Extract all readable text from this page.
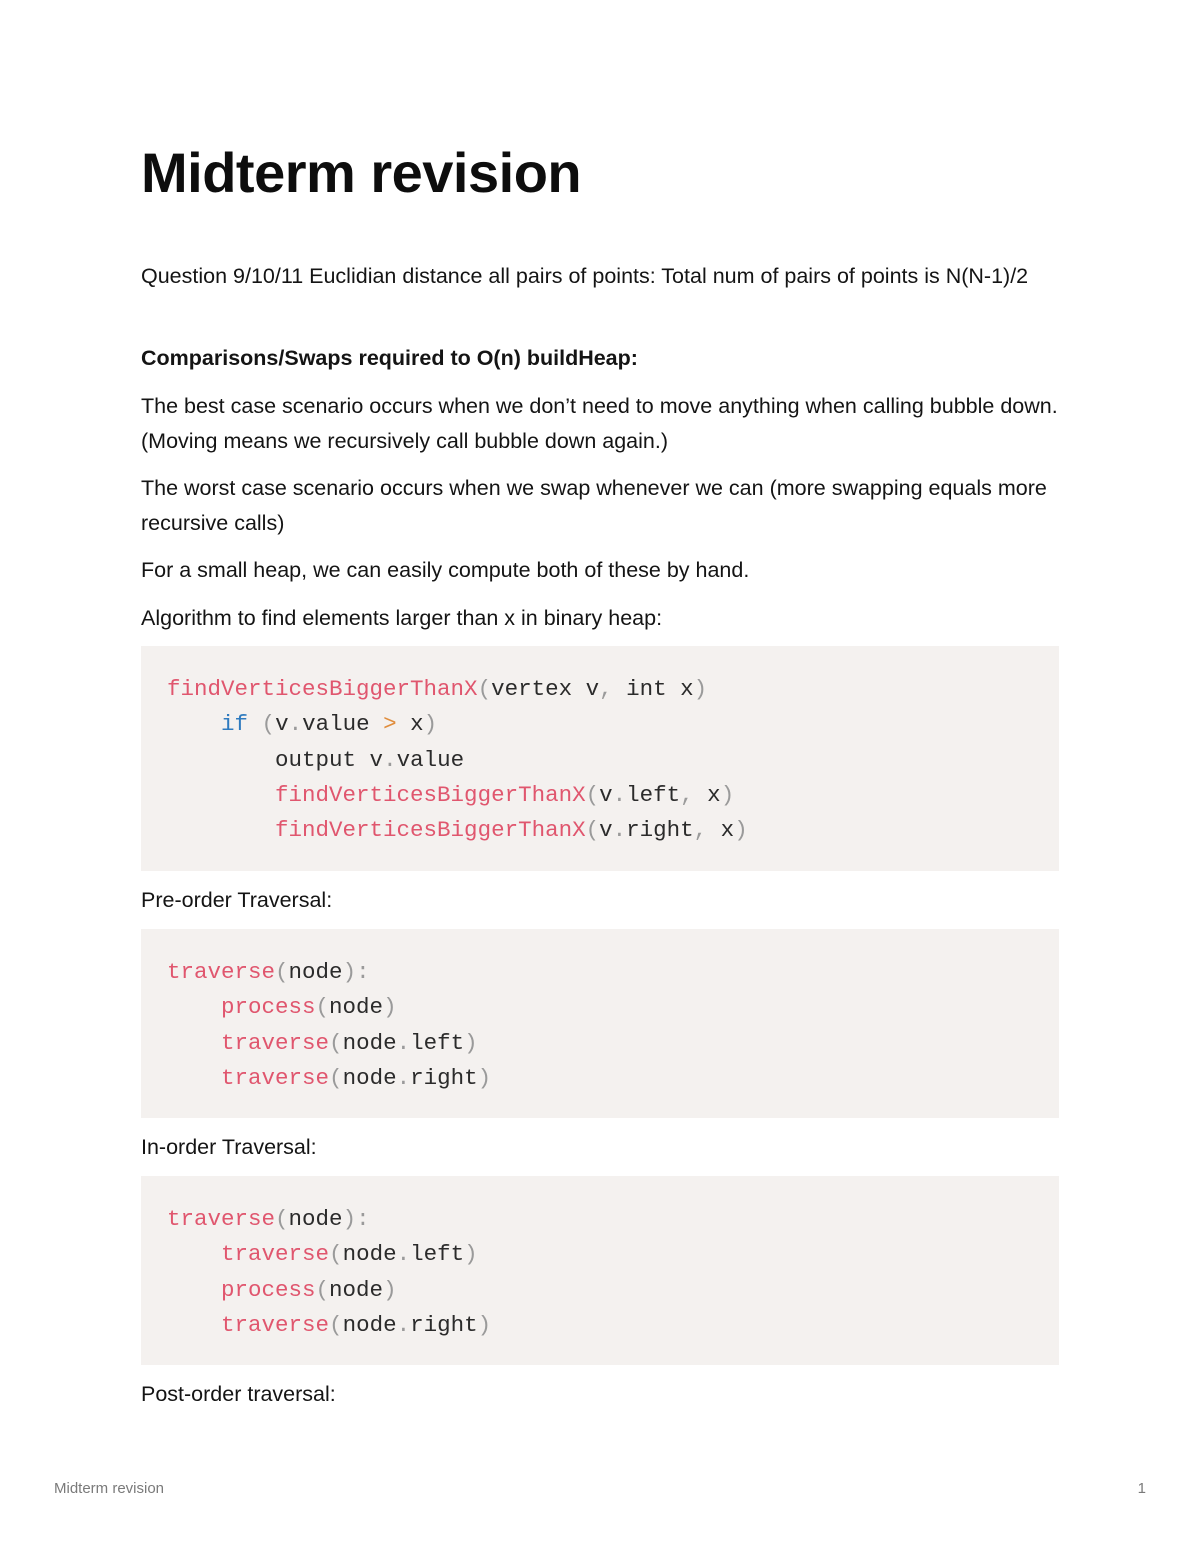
Midterm revision

Question 9/10/11 Euclidian distance all pairs of points: Total num of pairs of points is N(N-1)/2

Comparisons/Swaps required to O(n) buildHeap:

The best case scenario occurs when we don’t need to move anything when calling bubble down. (Moving means we recursively call bubble down again.)

The worst case scenario occurs when we swap whenever we can (more swapping equals more recursive calls)

For a small heap, we can easily compute both of these by hand.

Algorithm to find elements larger than x in binary heap:

findVerticesBiggerThanX(vertex v, int x)
if (v.value > x)
output v.value
findVerticesBiggerThanX(v.left, x)
findVerticesBiggerThanX(v.right, x)

Pre-order Traversal:

traverse(node):
process(node)
traverse(node.left)
traverse(node.right)

In-order Traversal:

traverse(node):
traverse(node.left)
process(node)
traverse(node.right)

Post-order traversal:

Midterm revision	1
